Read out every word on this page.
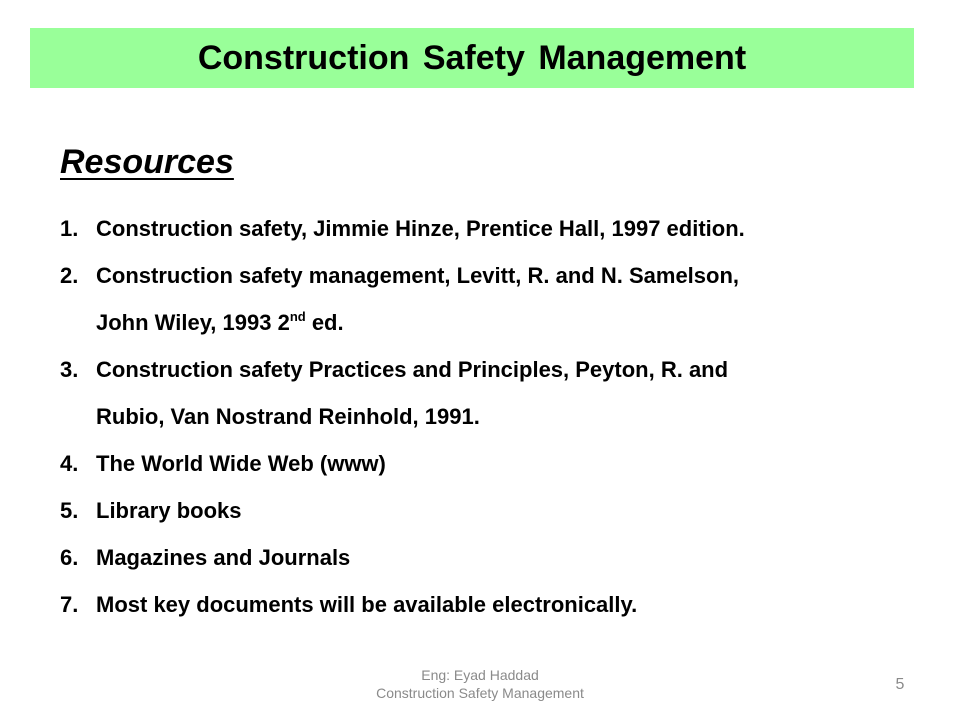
Construction Safety Management
Resources
1. Construction safety, Jimmie Hinze, Prentice Hall, 1997 edition.
2. Construction safety management, Levitt, R. and N. Samelson,
John Wiley, 1993 2nd ed.
3. Construction safety Practices and Principles, Peyton, R. and
Rubio, Van Nostrand Reinhold, 1991.
4. The World Wide Web (www)
5. Library books
6. Magazines and Journals
7. Most key documents will be available electronically.
Eng: Eyad Haddad
Construction Safety Management	5
